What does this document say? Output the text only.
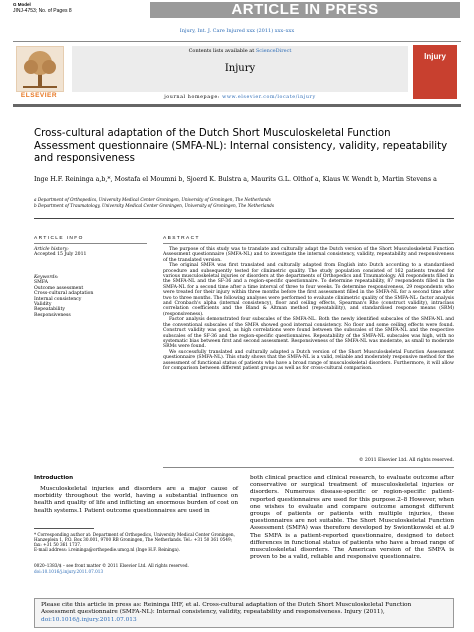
G Model
JINJ-4753; No. of Pages 8	ARTICLE IN PRESS
Injury, Int. J. Care Injured xxx (2011) xxx–xxx
ELSEVIER
Contents lists available at ScienceDirect
Injury
journal homepage: www.elsevier.com/locate/injury
Injury
Cross-cultural adaptation of the Dutch Short Musculoskeletal Function Assessment questionnaire (SMFA-NL): Internal consistency, validity, repeatability and responsiveness
Inge H.F. Reininga a,b,*, Mostafa el Moumni b, Sjoerd K. Bulstra a, Maurits G.L. Olthof a, Klaus W. Wendt b, Martin Stevens a
a Department of Orthopedics, University Medical Center Groningen, University of Groningen, The Netherlands
b Department of Traumatology, University Medical Center Groningen, University of Groningen, The Netherlands
ARTICLE INFO	ABSTRACT
Article history:
Accepted 15 July 2011
Keywords:
SMFA
Outcome assessment
Cross-cultural adaptation
Internal consistency
Validity
Repeatability
Responsiveness

The purpose of this study was to translate and culturally adapt the Dutch version of the Short Musculoskeletal Function Assessment questionnaire (SMFA-NL) and to investigate the internal consistency, validity, repeatability and responsiveness of the translated version.

The original SMFA was first translated and culturally adapted from English into Dutch according to a standardised procedure and subsequently tested for clinimetric quality. The study population consisted of 162 patients treated for various musculoskeletal injuries or disorders at the departments of Orthopedics and Traumatology. All respondents filled in the SMFA-NL and the SF-36 and a region-specific questionnaire. To determine repeatability, 87 respondents filled in the SMFA-NL for a second time after a time interval of three to four weeks. To determine responsiveness, 29 respondents who were treated for their injury within three months before the first assessment filled in the SMFA-NL for a second time after two to three months. The following analyses were performed to evaluate clinimetric quality of the SMFA-NL: factor analysis and Cronbach's alpha (internal consistency), floor and ceiling effects, Spearman's Rho (construct validity), intraclass correlation coefficients and the Bland & Altman method (repeatability), and standardised response means (SRM) (responsiveness).

Factor analysis demonstrated four subscales of the SMFA-NL. Both the newly identified subscales of the SMFA-NL and the conventional subscales of the SMFA showed good internal consistency. No floor and some ceiling effects were found. Construct validity was good, as high correlations were found between the subscales of the SMFA-NL and the respective subscales of the SF-36 and the region-specific questionnaires. Repeatability of the SMFA-NL subscales was high, with no systematic bias between first and second assessment. Responsiveness of the SMFA-NL was moderate, as small to moderate SRMs were found.

We successfully translated and culturally adapted a Dutch version of the Short Musculoskeletal Function Assessment questionnaire (SMFA-NL). This study shows that the SMFA-NL is a valid, reliable and moderately responsive method for the assessment of functional status of patients who have a broad range of musculoskeletal disorders. Furthermore, it will allow for comparison between different patient groups as well as for cross-cultural comparison.

© 2011 Elsevier Ltd. All rights reserved.
Introduction
Musculoskeletal injuries and disorders are a major cause of morbidity throughout the world, having a substantial influence on health and quality of life and inflicting an enormous burden of cost on health systems.1 Patient outcome questionnaires are used in
both clinical practice and clinical research, to evaluate outcome after conservative or surgical treatment of musculoskeletal injuries or disorders. Numerous disease-specific or region-specific patient-reported questionnaires are used for this purpose.2–8 However, when one wishes to evaluate and compare outcome amongst different groups of patients or patients with multiple injuries, these questionnaires are not suitable. The Short Musculoskeletal Function Assessment (SMFA) was therefore developed by Swiontkowski et al.9 The SMFA is a patient-reported questionnaire, designed to detect differences in functional status of patients who have a broad range of musculoskeletal disorders. The American version of the SMFA is proven to be a valid, reliable and responsive questionnaire.
* Corresponding author at: Department of Orthopedics, University Medical Center Groningen, Hanzeplein 1, P.O. Box 30.001, 9700 RB Groningen, The Netherlands. Tel.: +31 50 361 0549; fax: +31 50 361 1737.
E-mail address: i.reininga@orthopedie.umcg.nl (Inge H.F. Reininga).
0020–1383/$ – see front matter © 2011 Elsevier Ltd. All rights reserved.
doi:10.1016/j.injury.2011.07.013
Please cite this article in press as: Reininga IHF, et al. Cross-cultural adaptation of the Dutch Short Musculoskeletal Function Assessment questionnaire (SMFA-NL): Internal consistency, validity, repeatability and responsiveness. Injury (2011), doi:10.1016/j.injury.2011.07.013
